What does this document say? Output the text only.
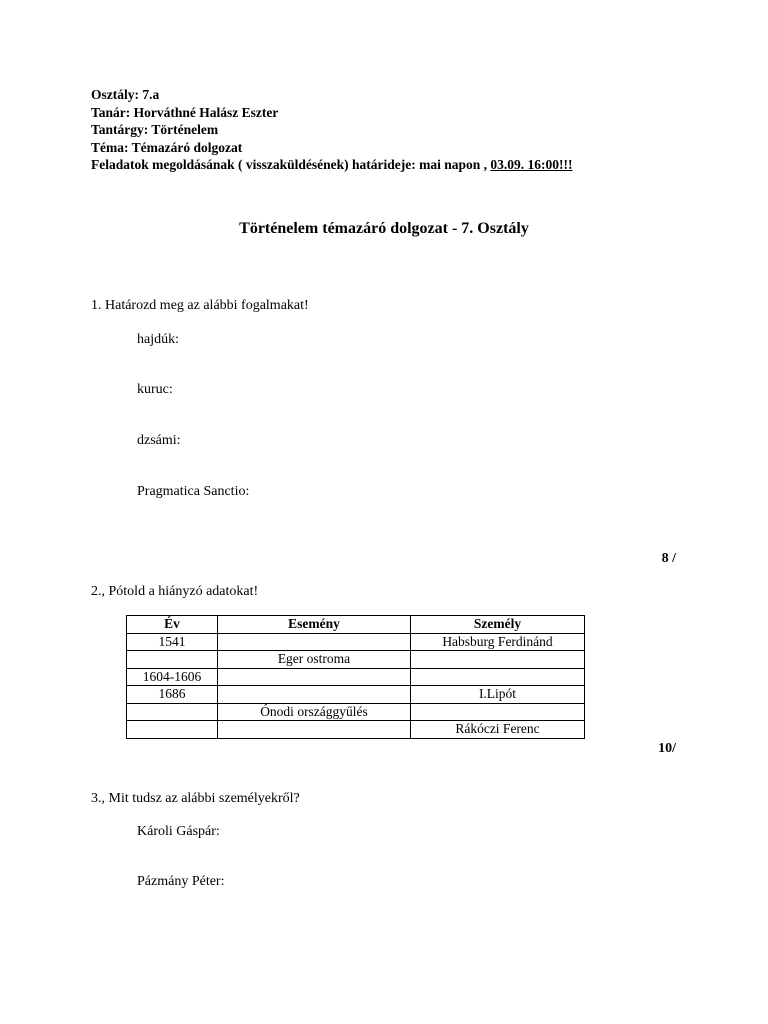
Osztály: 7.a
Tanár: Horváthné Halász Eszter
Tantárgy: Történelem
Téma: Témazáró dolgozat
Feladatok megoldásának ( visszaküldésének) határideje: mai napon , 03.09. 16:00!!!
Történelem témazáró dolgozat - 7. Osztály
1. Határozd meg az alábbi fogalmakat!
hajdúk:
kuruc:
dzsámi:
Pragmatica Sanctio:
8 /
2., Pótold a hiányzó adatokat!
Év	Esemény	Személy
1541		Habsburg Ferdinánd
	Eger ostroma	
1604-1606		
1686		I.Lipót
	Ónodi országgyűlés	
		Rákóczi Ferenc
10/
3., Mit tudsz az alábbi személyekről?
Károli Gáspár:
Pázmány Péter:
